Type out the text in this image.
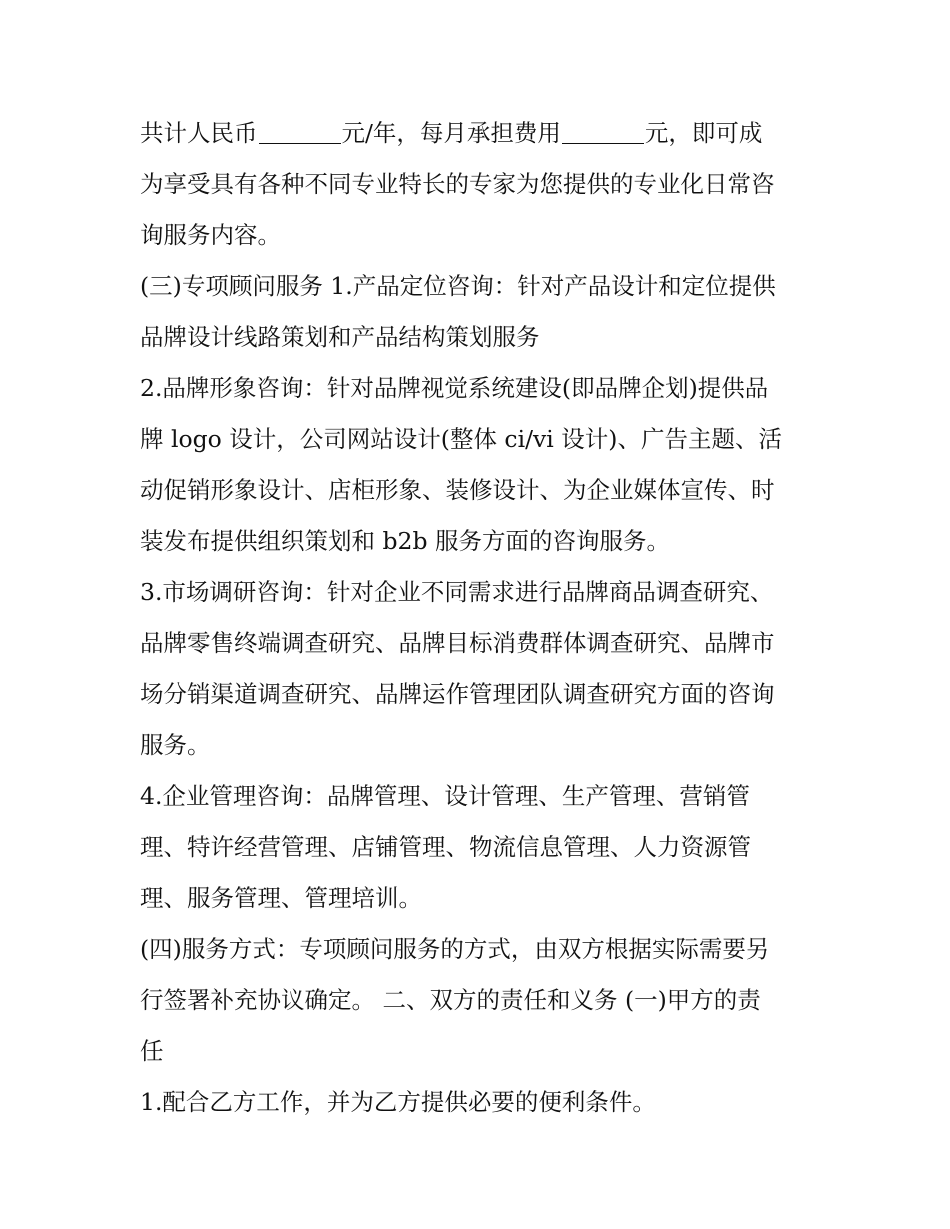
共计人民币	元/年，每月承担费用	元，即可成
为享受具有各种不同专业特长的专家为您提供的专业化日常咨
询服务内容。

(三)专项顾问服务 1.产品定位咨询：针对产品设计和定位提供
品牌设计线路策划和产品结构策划服务

2.品牌形象咨询：针对品牌视觉系统建设(即品牌企划)提供品
牌 logo 设计，公司网站设计(整体 ci/vi 设计)、广告主题、活
动促销形象设计、店柜形象、装修设计、为企业媒体宣传、时
装发布提供组织策划和 b2b 服务方面的咨询服务。

3.市场调研咨询：针对企业不同需求进行品牌商品调查研究、
品牌零售终端调查研究、品牌目标消费群体调查研究、品牌市
场分销渠道调查研究、品牌运作管理团队调查研究方面的咨询
服务。

4.企业管理咨询：品牌管理、设计管理、生产管理、营销管
理、特许经营管理、店铺管理、物流信息管理、人力资源管
理、服务管理、管理培训。

(四)服务方式：专项顾问服务的方式，由双方根据实际需要另
行签署补充协议确定。 二、双方的责任和义务 (一)甲方的责
任

1.配合乙方工作，并为乙方提供必要的便利条件。
